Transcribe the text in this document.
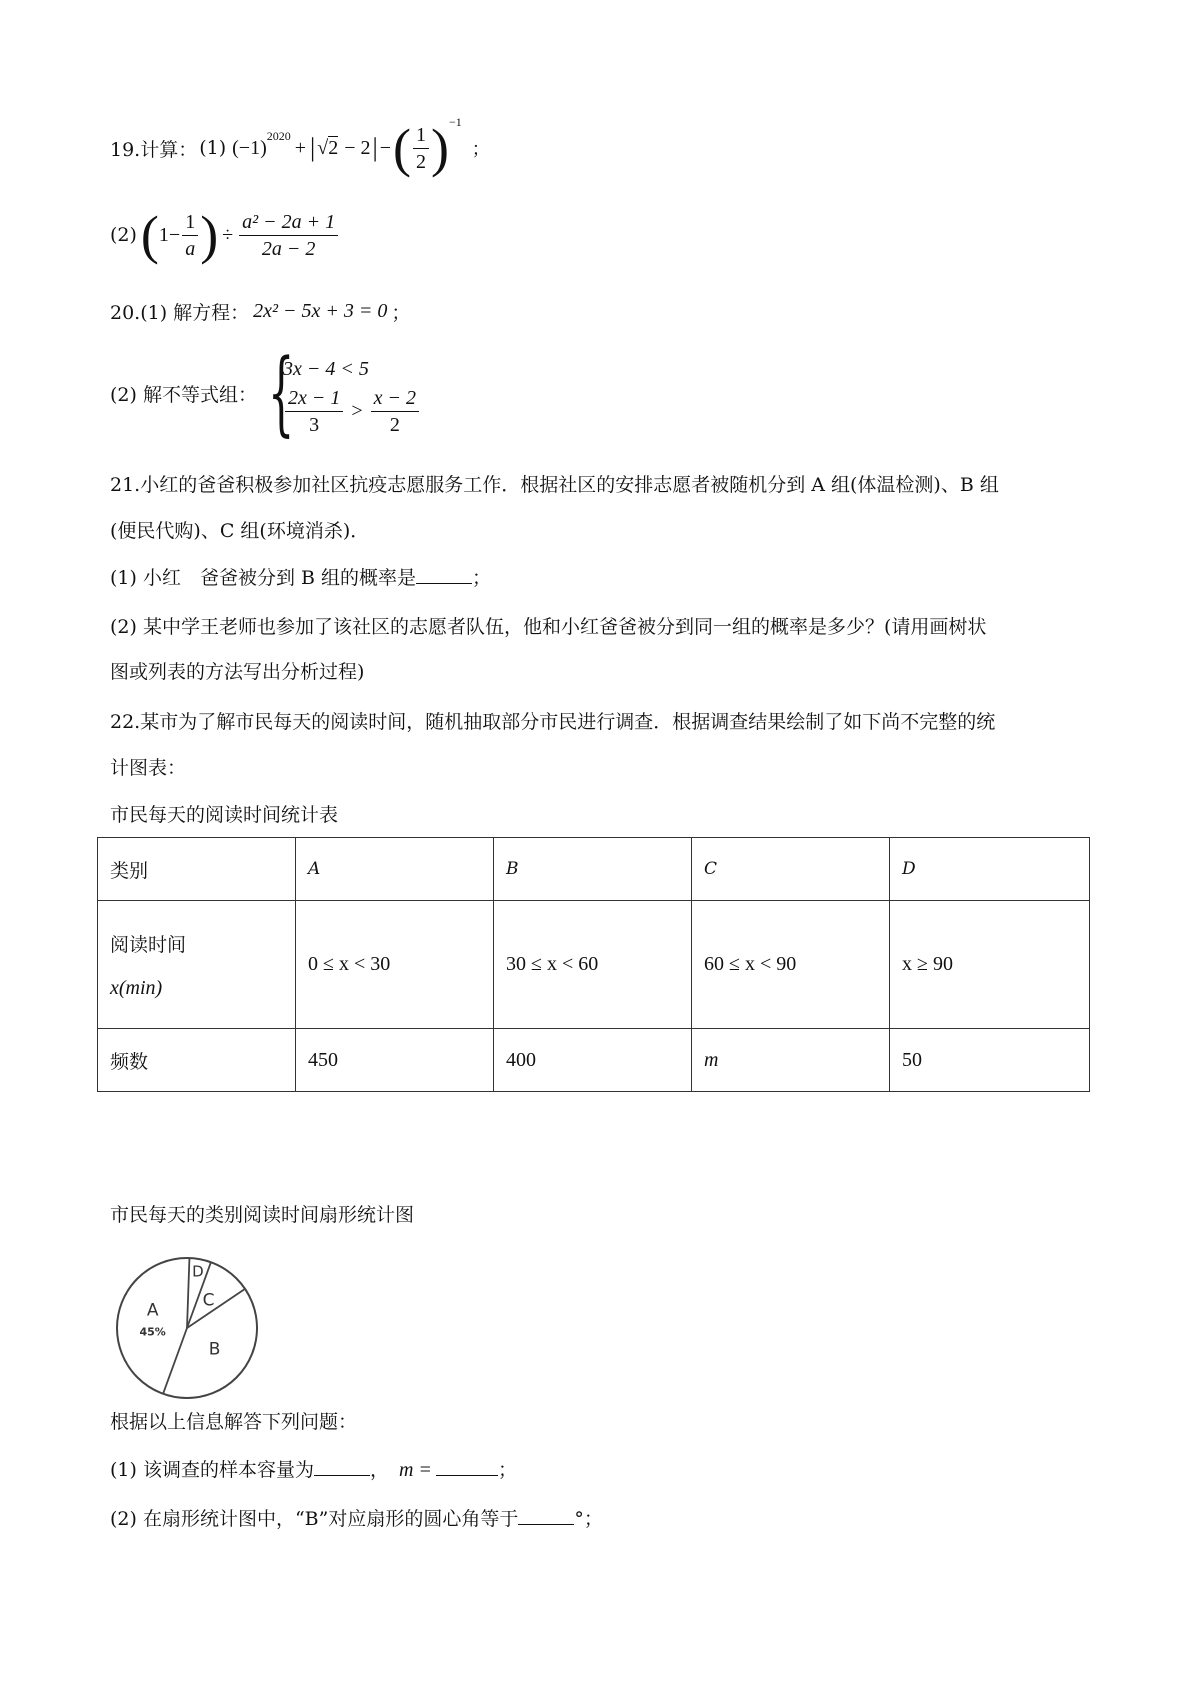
19.计算： (1) (−1)
2020
+ | √ 2 − 2 | − ( $\frac{1}{2}$ ) −1
；
(2) ( $1- \frac{1}{a}$ ) ÷ $\frac{\text{a² − 2a + 1}}{2a - 2}$
20.(1) 解方程： 2x² − 5x + 3 = 0 ；
(2) 解不等式组： {
3x − 4 < 5
$\frac{2x - 1}{3} > \frac{x - 2}{2}$
21.小红的爸爸积极参加社区抗疫志愿服务工作．根据社区的安排志愿者被随机分到 A 组(体温检测)、B 组
(便民代购)、C 组(环境消杀)．
(1) 小红　爸爸被分到 B 组的概率是	；
(2) 某中学王老师也参加了该社区的志愿者队伍，他和小红爸爸被分到同一组的概率是多少？(请用画树状
图或列表的方法写出分析过程)
22.某市为了解市民每天的阅读时间，随机抽取部分市民进行调查．根据调查结果绘制了如下尚不完整的统
计图表：
市民每天的阅读时间统计表
类别	A	B	C	D

阅读时间
x(min)	0 ≤ x < 30	30 ≤ x < 60	60 ≤ x < 90	x ≥ 90
频数	450	400	m	50
市民每天的类别阅读时间扇形统计图
A
45%
D
C
B
根据以上信息解答下列问题：
(1) 该调查的样本容量为	， m =	；
(2) 在扇形统计图中，“B”对应扇形的圆心角等于	°；
